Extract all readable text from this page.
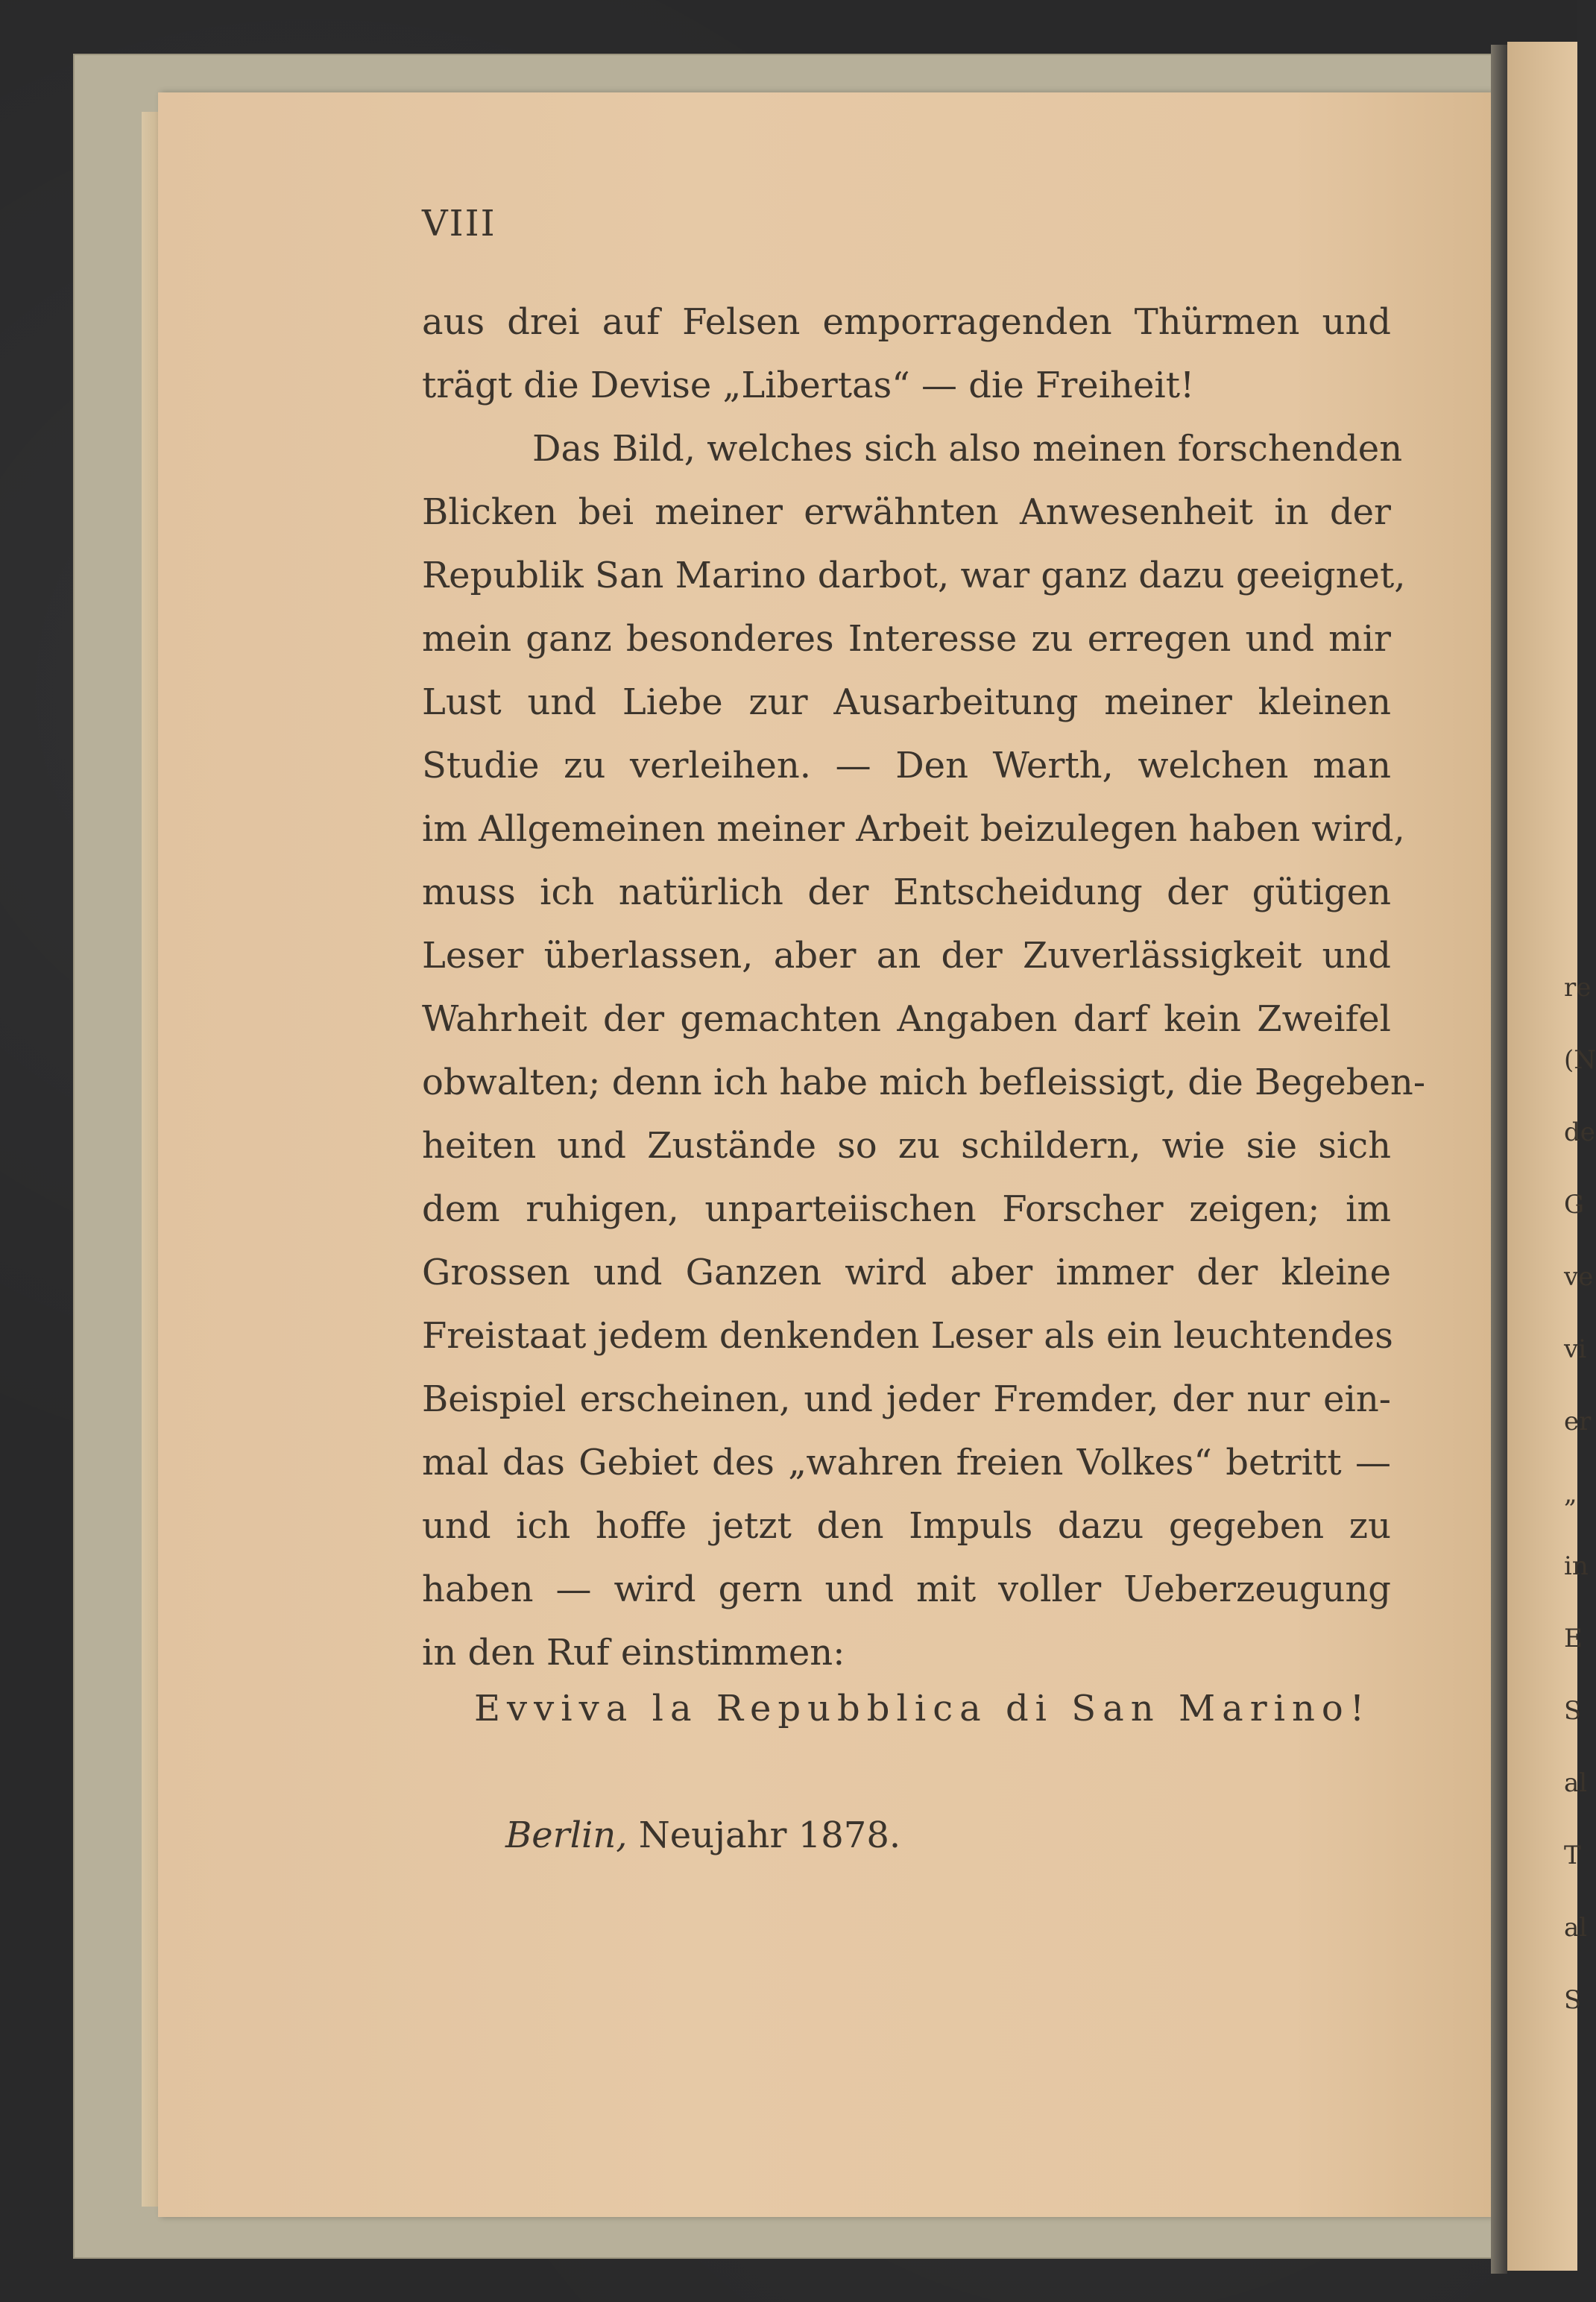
re
(N
de
G
ve
vi
er
„
in
E
S
al
T
al
S
VIII
aus drei auf Felsen emporragenden Thürmen und
trägt die Devise „Libertas“ — die Freiheit!
Das Bild, welches sich also meinen forschenden
Blicken bei meiner erwähnten Anwesenheit in der
Republik San Marino darbot, war ganz dazu geeignet,
mein ganz besonderes Interesse zu erregen und mir
Lust und Liebe zur Ausarbeitung meiner kleinen
Studie zu verleihen. — Den Werth, welchen man
im Allgemeinen meiner Arbeit beizulegen haben wird,
muss ich natürlich der Entscheidung der gütigen
Leser überlassen, aber an der Zuverlässigkeit und
Wahrheit der gemachten Angaben darf kein Zweifel
obwalten; denn ich habe mich befleissigt, die Begeben-
heiten und Zustände so zu schildern, wie sie sich
dem ruhigen, unparteiischen Forscher zeigen; im
Grossen und Ganzen wird aber immer der kleine
Freistaat jedem denkenden Leser als ein leuchtendes
Beispiel erscheinen, und jeder Fremder, der nur ein-
mal das Gebiet des „wahren freien Volkes“ betritt —
und ich hoffe jetzt den Impuls dazu gegeben zu
haben — wird gern und mit voller Ueberzeugung
in den Ruf einstimmen:
Evviva la Repubblica di San Marino!
Berlin, Neujahr 1878.
